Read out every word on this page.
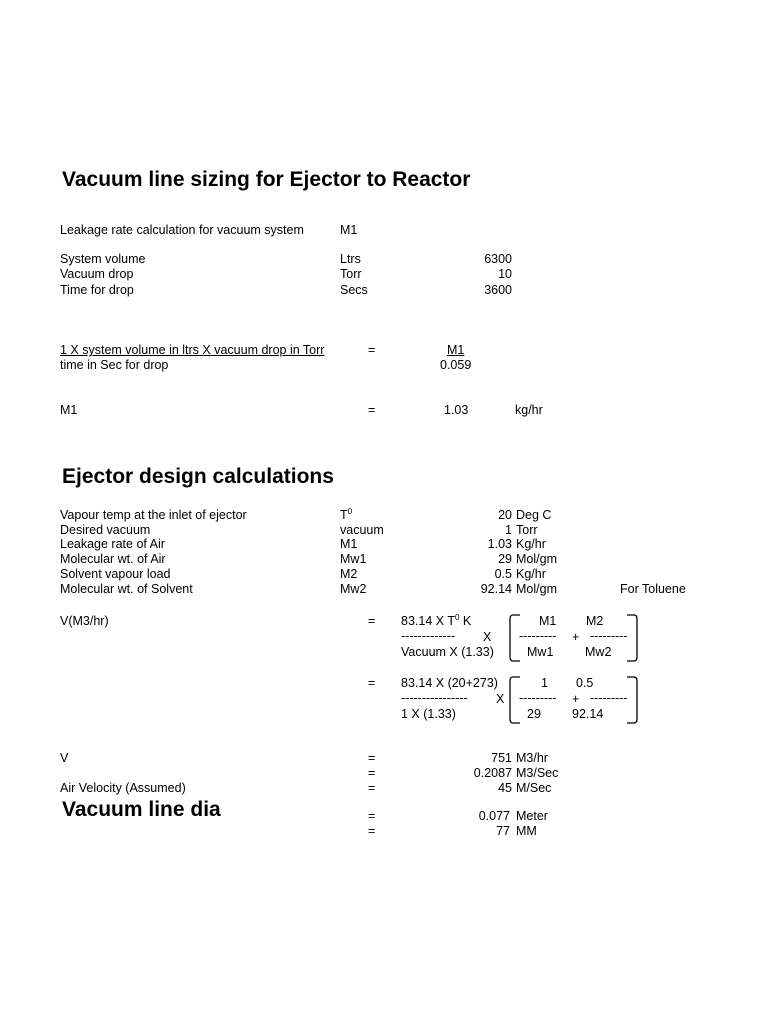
Vacuum line sizing for Ejector to Reactor
Leakage rate calculation for vacuum system	M1
System volume	Ltrs	6300
Vacuum drop	Torr	10
Time for drop	Secs	3600
1 X system volume in ltrs X vacuum drop in Torr	=	M1
time in Sec for drop	0.059
M1	=	1.03	kg/hr
Ejector design calculations
Vapour temp at the inlet of ejector	$T^0$	20 Deg C
Desired vacuum	vacuum	1 Torr
Leakage rate of Air	M1	1.03 Kg/hr
Molecular wt. of Air	Mw1	29 Mol/gm
Solvent vapour load	M2	0.5 Kg/hr
Molecular wt. of Solvent	Mw2	92.14 Mol/gm	For Toluene
V(M3/hr)	= 83.14 X $T^0$ K
------------- X
Vacuum X (1.33)
M1 M2
--------- + ---------
Mw1	Mw2
= 83.14 X (20+273)
---------------- X
1 X (1.33)
1 0.5
--------- + ---------
29 92.14
V	=	751 M3/hr
=	0.2087 M3/Sec
Air Velocity (Assumed)	=	45 M/Sec
Vacuum line dia	=	0.077 Meter
=	77 MM
